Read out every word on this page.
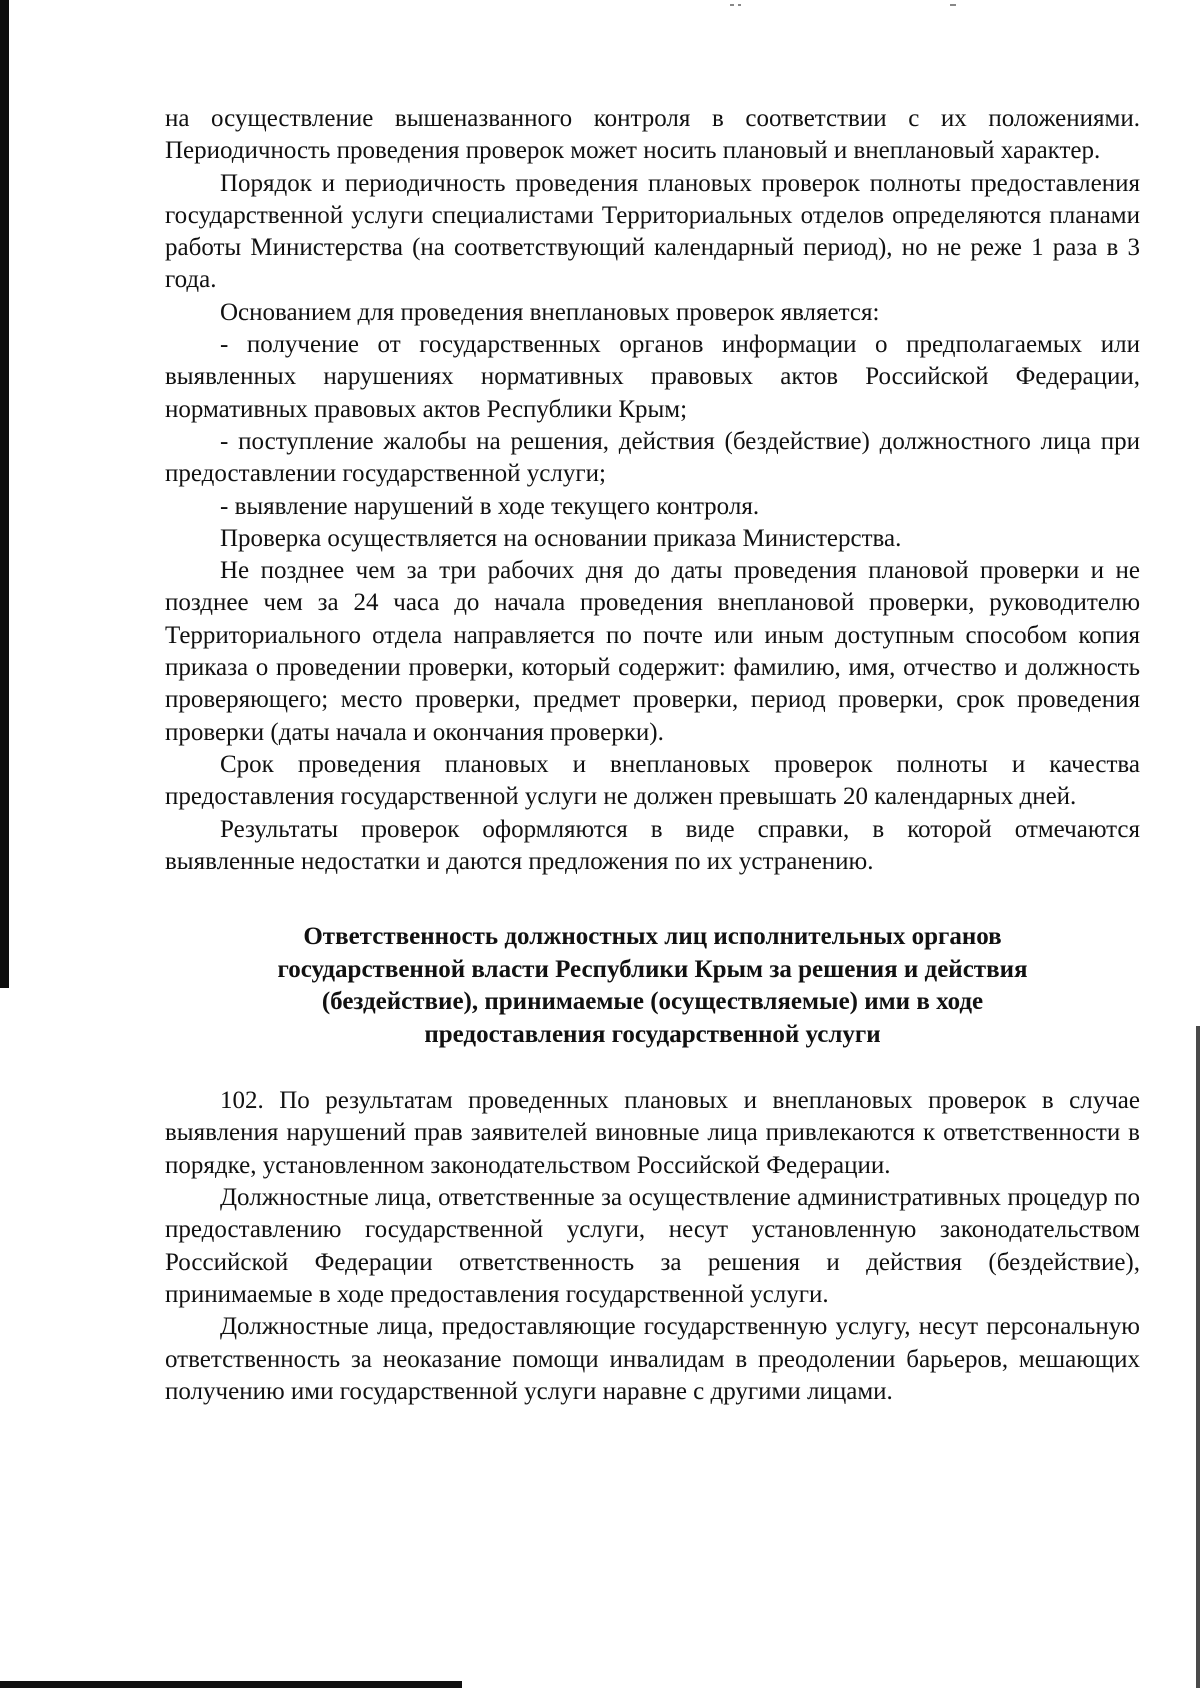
на осуществление вышеназванного контроля в соответствии с их положениями. Периодичность проведения проверок может носить плановый и внеплановый характер.

Порядок и периодичность проведения плановых проверок полноты предоставления государственной услуги специалистами Территориальных отделов определяются планами работы Министерства (на соответствующий календарный период), но не реже 1 раза в 3 года.

Основанием для проведения внеплановых проверок является:

- получение от государственных органов информации о предполагаемых или выявленных нарушениях нормативных правовых актов Российской Федерации, нормативных правовых актов Республики Крым;

- поступление жалобы на решения, действия (бездействие) должностного лица при предоставлении государственной услуги;

- выявление нарушений в ходе текущего контроля.

Проверка осуществляется на основании приказа Министерства.

Не позднее чем за три рабочих дня до даты проведения плановой проверки и не позднее чем за 24 часа до начала проведения внеплановой проверки, руководителю Территориального отдела направляется по почте или иным доступным способом копия приказа о проведении проверки, который содержит: фамилию, имя, отчество и должность проверяющего; место проверки, предмет проверки, период проверки, срок проведения проверки (даты начала и окончания проверки).

Срок проведения плановых и внеплановых проверок полноты и качества предоставления государственной услуги не должен превышать 20 календарных дней.

Результаты проверок оформляются в виде справки, в которой отмечаются выявленные недостатки и даются предложения по их устранению.

Ответственность должностных лиц исполнительных органов
государственной власти Республики Крым за решения и действия
(бездействие), принимаемые (осуществляемые) ими в ходе
предоставления государственной услуги

102. По результатам проведенных плановых и внеплановых проверок в случае выявления нарушений прав заявителей виновные лица привлекаются к ответственности в порядке, установленном законодательством Российской Федерации.

Должностные лица, ответственные за осуществление административных процедур по предоставлению государственной услуги, несут установленную законодательством Российской Федерации ответственность за решения и действия (бездействие), принимаемые в ходе предоставления государственной услуги.

Должностные лица, предоставляющие государственную услугу, несут персональную ответственность за неоказание помощи инвалидам в преодолении барьеров, мешающих получению ими государственной услуги наравне с другими лицами.
